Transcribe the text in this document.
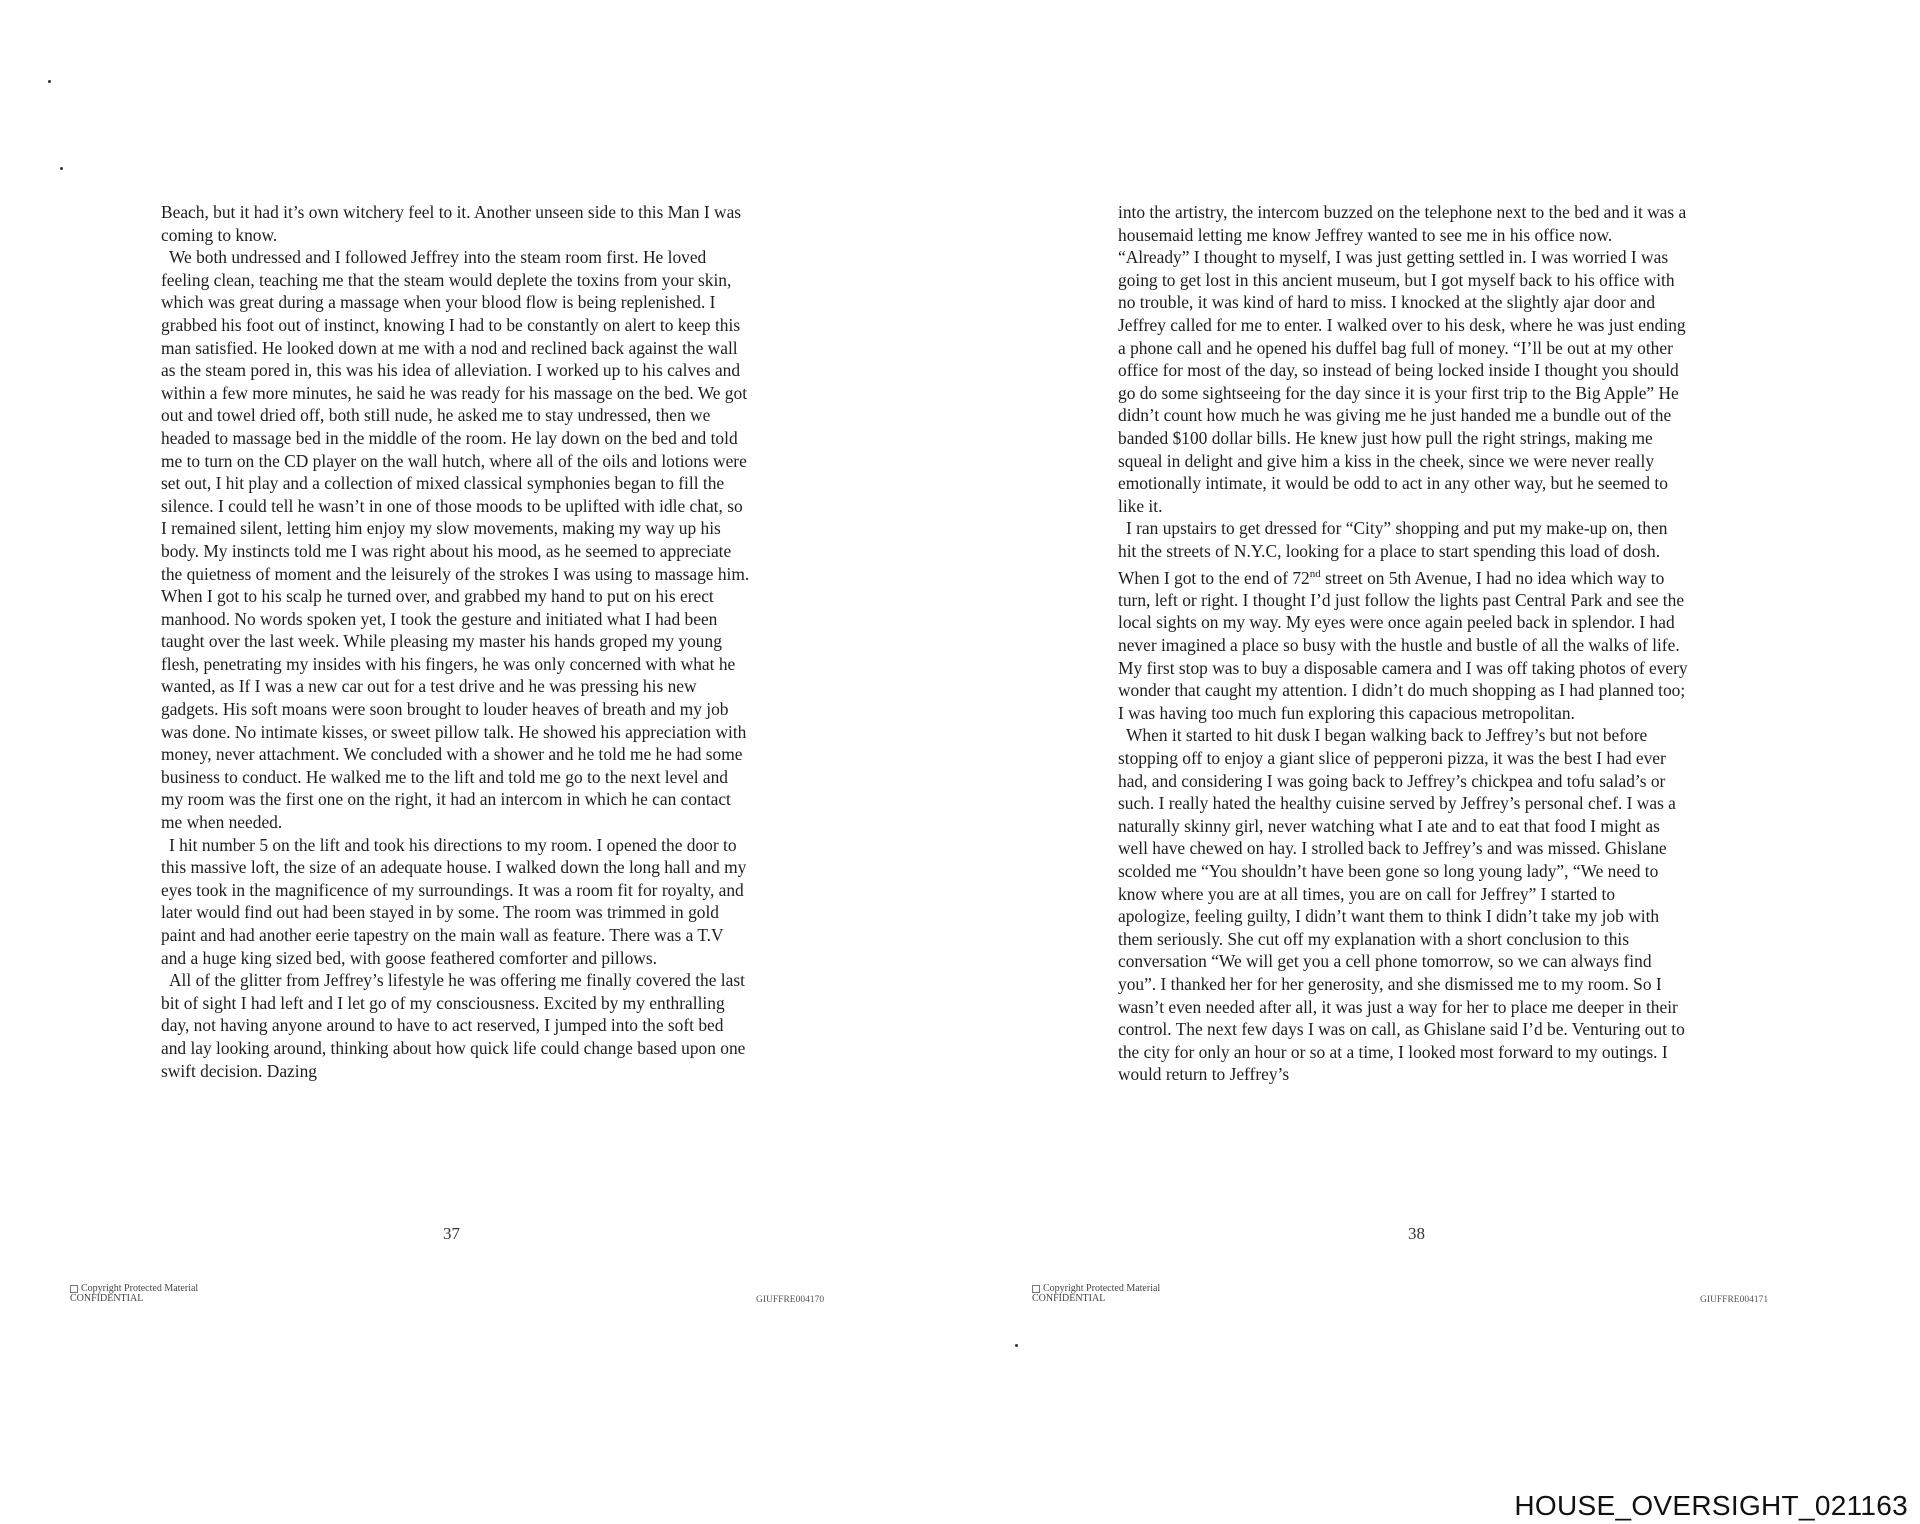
Beach, but it had it’s own witchery feel to it. Another unseen side to this Man I was coming to know.

We both undressed and I followed Jeffrey into the steam room first. He loved feeling clean, teaching me that the steam would deplete the toxins from your skin, which was great during a massage when your blood flow is being replenished. I grabbed his foot out of instinct, knowing I had to be constantly on alert to keep this man satisfied. He looked down at me with a nod and reclined back against the wall as the steam pored in, this was his idea of alleviation. I worked up to his calves and within a few more minutes, he said he was ready for his massage on the bed. We got out and towel dried off, both still nude, he asked me to stay undressed, then we headed to massage bed in the middle of the room. He lay down on the bed and told me to turn on the CD player on the wall hutch, where all of the oils and lotions were set out, I hit play and a collection of mixed classical symphonies began to fill the silence. I could tell he wasn’t in one of those moods to be uplifted with idle chat, so I remained silent, letting him enjoy my slow movements, making my way up his body. My instincts told me I was right about his mood, as he seemed to appreciate the quietness of moment and the leisurely of the strokes I was using to massage him. When I got to his scalp he turned over, and grabbed my hand to put on his erect manhood. No words spoken yet, I took the gesture and initiated what I had been taught over the last week. While pleasing my master his hands groped my young flesh, penetrating my insides with his fingers, he was only concerned with what he wanted, as If I was a new car out for a test drive and he was pressing his new gadgets. His soft moans were soon brought to louder heaves of breath and my job was done. No intimate kisses, or sweet pillow talk. He showed his appreciation with money, never attachment. We concluded with a shower and he told me he had some business to conduct. He walked me to the lift and told me go to the next level and my room was the first one on the right, it had an intercom in which he can contact me when needed.

I hit number 5 on the lift and took his directions to my room. I opened the door to this massive loft, the size of an adequate house. I walked down the long hall and my eyes took in the magnificence of my surroundings. It was a room fit for royalty, and later would find out had been stayed in by some. The room was trimmed in gold paint and had another eerie tapestry on the main wall as feature. There was a T.V and a huge king sized bed, with goose feathered comforter and pillows.

All of the glitter from Jeffrey’s lifestyle he was offering me finally covered the last bit of sight I had left and I let go of my consciousness. Excited by my enthralling day, not having anyone around to have to act reserved, I jumped into the soft bed and lay looking around, thinking about how quick life could change based upon one swift decision. Dazing

37
Copyright Protected Material
CONFIDENTIAL	GIUFFRE004170

into the artistry, the intercom buzzed on the telephone next to the bed and it was a housemaid letting me know Jeffrey wanted to see me in his office now. “Already” I thought to myself, I was just getting settled in. I was worried I was going to get lost in this ancient museum, but I got myself back to his office with no trouble, it was kind of hard to miss. I knocked at the slightly ajar door and Jeffrey called for me to enter. I walked over to his desk, where he was just ending a phone call and he opened his duffel bag full of money. “I’ll be out at my other office for most of the day, so instead of being locked inside I thought you should go do some sightseeing for the day since it is your first trip to the Big Apple” He didn’t count how much he was giving me he just handed me a bundle out of the banded $100 dollar bills. He knew just how pull the right strings, making me squeal in delight and give him a kiss in the cheek, since we were never really emotionally intimate, it would be odd to act in any other way, but he seemed to like it.

I ran upstairs to get dressed for “City” shopping and put my make-up on, then hit the streets of N.Y.C, looking for a place to start spending this load of dosh. When I got to the end of 72nd street on 5th Avenue, I had no idea which way to turn, left or right. I thought I’d just follow the lights past Central Park and see the local sights on my way. My eyes were once again peeled back in splendor. I had never imagined a place so busy with the hustle and bustle of all the walks of life. My first stop was to buy a disposable camera and I was off taking photos of every wonder that caught my attention. I didn’t do much shopping as I had planned too; I was having too much fun exploring this capacious metropolitan.

When it started to hit dusk I began walking back to Jeffrey’s but not before stopping off to enjoy a giant slice of pepperoni pizza, it was the best I had ever had, and considering I was going back to Jeffrey’s chickpea and tofu salad’s or such. I really hated the healthy cuisine served by Jeffrey’s personal chef. I was a naturally skinny girl, never watching what I ate and to eat that food I might as well have chewed on hay. I strolled back to Jeffrey’s and was missed. Ghislane scolded me “You shouldn’t have been gone so long young lady”, “We need to know where you are at all times, you are on call for Jeffrey” I started to apologize, feeling guilty, I didn’t want them to think I didn’t take my job with them seriously. She cut off my explanation with a short conclusion to this conversation “We will get you a cell phone tomorrow, so we can always find you”. I thanked her for her generosity, and she dismissed me to my room. So I wasn’t even needed after all, it was just a way for her to place me deeper in their control. The next few days I was on call, as Ghislane said I’d be. Venturing out to the city for only an hour or so at a time, I looked most forward to my outings. I would return to Jeffrey’s

38
Copyright Protected Material
CONFIDENTIAL	GIUFFRE004171
HOUSE_OVERSIGHT_021163
